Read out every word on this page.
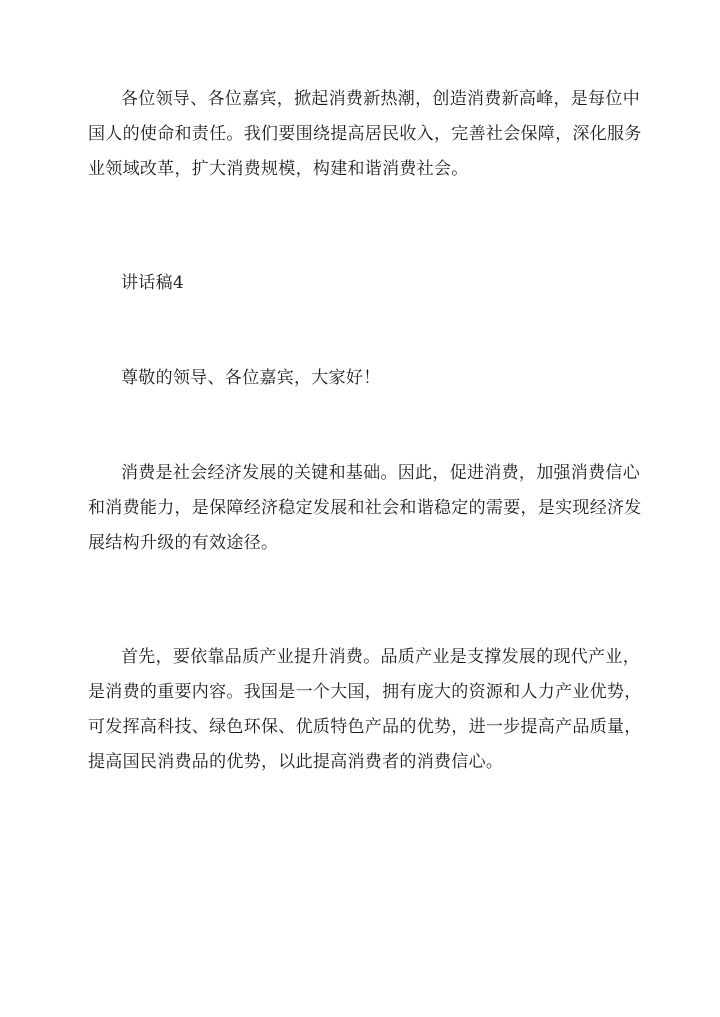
各位领导、各位嘉宾，掀起消费新热潮，创造消费新高峰，是每位中
国人的使命和责任。我们要围绕提高居民收入，完善社会保障，深化服务
业领域改革，扩大消费规模，构建和谐消费社会。

讲话稿4

尊敬的领导、各位嘉宾，大家好！

消费是社会经济发展的关键和基础。因此，促进消费，加强消费信心
和消费能力，是保障经济稳定发展和社会和谐稳定的需要，是实现经济发
展结构升级的有效途径。

首先，要依靠品质产业提升消费。品质产业是支撑发展的现代产业，
是消费的重要内容。我国是一个大国，拥有庞大的资源和人力产业优势，
可发挥高科技、绿色环保、优质特色产品的优势，进一步提高产品质量，
提高国民消费品的优势，以此提高消费者的消费信心。
